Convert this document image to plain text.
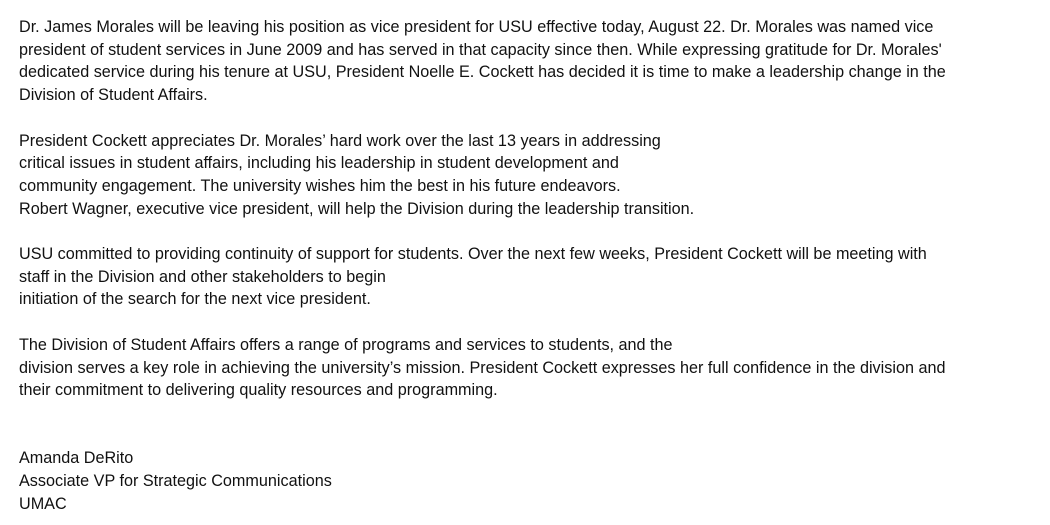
Dr. James Morales will be leaving his position as vice president for USU effective today, August 22. Dr. Morales was named vice
president of student services in June 2009 and has served in that capacity since then. While expressing gratitude for Dr. Morales'
dedicated service during his tenure at USU, President Noelle E. Cockett has decided it is time to make a leadership change in the
Division of Student Affairs.
President Cockett appreciates Dr. Morales’ hard work over the last 13 years in addressing
critical issues in student affairs, including his leadership in student development and
community engagement. The university wishes him the best in his future endeavors.
Robert Wagner, executive vice president, will help the Division during the leadership transition.
USU committed to providing continuity of support for students. Over the next few weeks, President Cockett will be meeting with
staff in the Division and other stakeholders to begin
initiation of the search for the next vice president.
The Division of Student Affairs offers a range of programs and services to students, and the
division serves a key role in achieving the university’s mission. President Cockett expresses her full confidence in the division and
their commitment to delivering quality resources and programming.
Amanda DeRito
Associate VP for Strategic Communications
UMAC
